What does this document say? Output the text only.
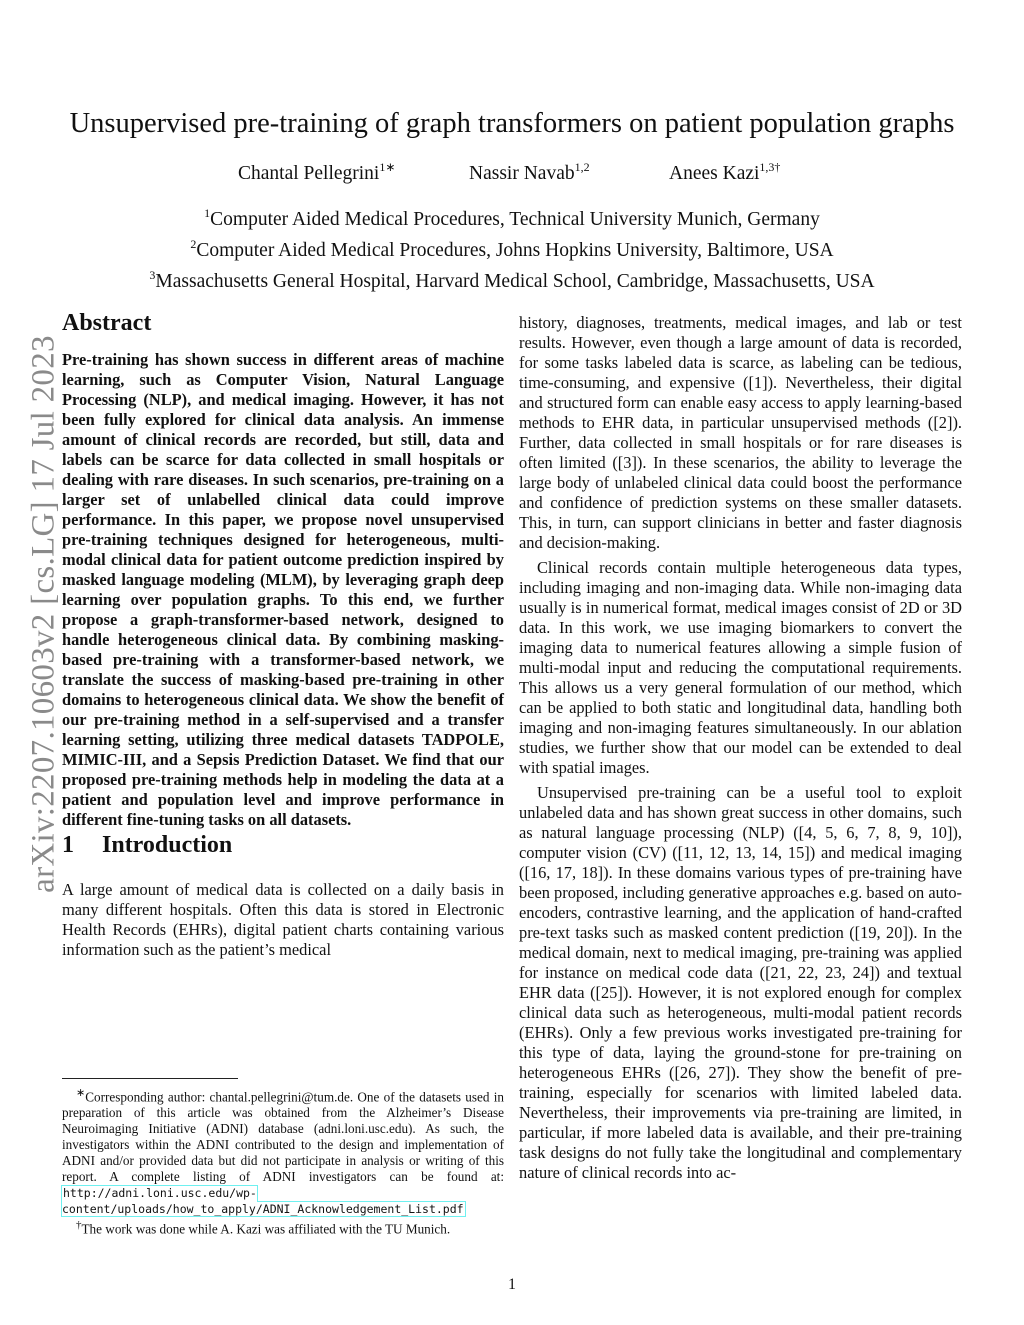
arXiv:2207.10603v2 [cs.LG] 17 Jul 2023
Unsupervised pre-training of graph transformers on patient population graphs
Chantal Pellegrini$^{1∗}$	Nassir Navab$^{1,2}$	Anees Kazi$^{1,3\dagger}$
$^1$Computer Aided Medical Procedures, Technical University Munich, Germany
$^2$Computer Aided Medical Procedures, Johns Hopkins University, Baltimore, USA
$^3$Massachusetts General Hospital, Harvard Medical School, Cambridge, Massachusetts, USA
Abstract
Pre-training has shown success in different areas of machine learning, such as Computer Vision, Natural Language Processing (NLP), and medical imaging. However, it has not been fully explored for clinical data analysis. An immense amount of clinical records are recorded, but still, data and labels can be scarce for data collected in small hospitals or dealing with rare diseases. In such scenarios, pre-training on a larger set of unlabelled clinical data could improve performance. In this paper, we propose novel unsupervised pre-training techniques designed for heterogeneous, multi-modal clinical data for patient outcome prediction inspired by masked language modeling (MLM), by leveraging graph deep learning over population graphs. To this end, we further propose a graph-transformer-based network, designed to handle heterogeneous clinical data. By combining masking-based pre-training with a transformer-based network, we translate the success of masking-based pre-training in other domains to heterogeneous clinical data. We show the benefit of our pre-training method in a self-supervised and a transfer learning setting, utilizing three medical datasets TADPOLE, MIMIC-III, and a Sepsis Prediction Dataset. We find that our proposed pre-training methods help in modeling the data at a patient and population level and improve performance in different fine-tuning tasks on all datasets.
1 Introduction

A large amount of medical data is collected on a daily basis in many different hospitals. Often this data is stored in Electronic Health Records (EHRs), digital patient charts containing various information such as the patient’s medical

history, diagnoses, treatments, medical images, and lab or test results. However, even though a large amount of data is recorded, for some tasks labeled data is scarce, as labeling can be tedious, time-consuming, and expensive ([1]). Nevertheless, their digital and structured form can enable easy access to apply learning-based methods to EHR data, in particular unsupervised methods ([2]). Further, data collected in small hospitals or for rare diseases is often limited ([3]). In these scenarios, the ability to leverage the large body of unlabeled clinical data could boost the performance and confidence of prediction systems on these smaller datasets. This, in turn, can support clinicians in better and faster diagnosis and decision-making.

Clinical records contain multiple heterogeneous data types, including imaging and non-imaging data. While non-imaging data usually is in numerical format, medical images consist of 2D or 3D data. In this work, we use imaging biomarkers to convert the imaging data to numerical features allowing a simple fusion of multi-modal input and reducing the computational requirements. This allows us a very general formulation of our method, which can be applied to both static and longitudinal data, handling both imaging and non-imaging features simultaneously. In our ablation studies, we further show that our model can be extended to deal with spatial images.

Unsupervised pre-training can be a useful tool to exploit unlabeled data and has shown great success in other domains, such as natural language processing (NLP) ([4, 5, 6, 7, 8, 9, 10]), computer vision (CV) ([11, 12, 13, 14, 15]) and medical imaging ([16, 17, 18]). In these domains various types of pre-training have been proposed, including generative approaches e.g. based on auto-encoders, contrastive learning, and the application of hand-crafted pre-text tasks such as masked content prediction ([19, 20]). In the medical domain, next to medical imaging, pre-training was applied for instance on medical code data ([21, 22, 23, 24]) and textual EHR data ([25]). However, it is not explored enough for complex clinical data such as heterogeneous, multi-modal patient records (EHRs). Only a few previous works investigated pre-training for this type of data, laying the ground-stone for pre-training on heterogeneous EHRs ([26, 27]). They show the benefit of pre-training, especially for scenarios with limited labeled data. Nevertheless, their improvements via pre-training are limited, in particular, if more labeled data is available, and their pre-training task designs do not fully take the longitudinal and complementary nature of clinical records into ac-

∗Corresponding author: chantal.pellegrini@tum.de. One of the datasets used in preparation of this article was obtained from the Alzheimer’s Disease Neuroimaging Initiative (ADNI) database (adni.loni.usc.edu). As such, the investigators within the ADNI contributed to the design and implementation of ADNI and/or provided data but did not participate in analysis or writing of this report. A complete listing of ADNI investigators can be found at: http://adni.loni.usc.edu/wp-content/uploads/how_to_apply/ADNI_Acknowledgement_List.pdf

†The work was done while A. Kazi was affiliated with the TU Munich.

1
